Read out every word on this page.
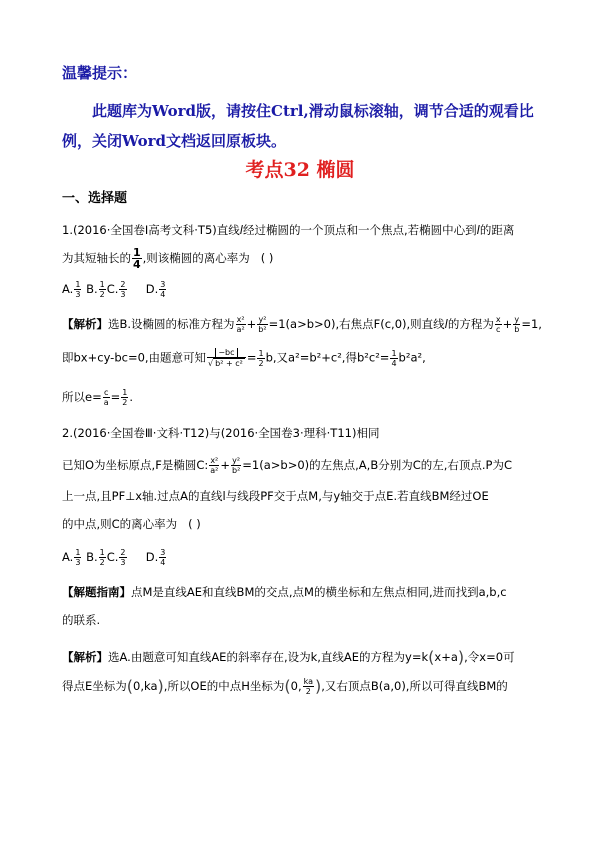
温馨提示：
此题库为Word版，请按住Ctrl,滑动鼠标滚轴，调节合适的观看比例，关闭Word文档返回原板块。
考点32 椭圆
一、选择题
1.(2016·全国卷Ⅰ高考文科·T5)直线l经过椭圆的一个顶点和一个焦点,若椭圆中心到l的距离
为其短轴长的 $\frac{1}{4}$ ,则该椭圆的离心率为 ( )
A. $\frac{1}{3} B$. $\frac{1}{2} C$. $\frac{2}{3} D$. $\frac{3}{4}$
【解析】选B.设椭圆的标准方程为 $\frac{\text{x²}}{\text{a²}} + \frac{\text{y²}}{\text{b²}} =1(a>b>0)$,右焦点F(c,0),则直线l的方程为 $\frac{x}{c} + \frac{y}{b} =1$,
即bx+cy-bc=0,由题意可知 $\frac{-bc}{\text{√ b² + c²}} = \frac{1}{2} b$,又a²=b²+c²,得$b^2c^2= \frac{1}{4} b^2a^2$,
所以$e= \frac{c}{a} = \frac{1}{2}$ .
2.(2016·全国卷Ⅲ·文科·T12)与(2016·全国卷3·理科·T11)相同
已知O为坐标原点,F是椭圆C: $\frac{\text{x²}}{\text{a²}} + \frac{\text{y²}}{\text{b²}} =1(a>b>0)$的左焦点,A,B分别为C的左,右顶点.P为C
上一点,且PF⊥x轴.过点A的直线l与线段PF交于点M,与y轴交于点E.若直线BM经过OE
的中点,则C的离心率为 ( )
A. $\frac{1}{3} B$. $\frac{1}{2} C$. $\frac{2}{3} D$. $\frac{3}{4}$
【解题指南】点M是直线AE和直线BM的交点,点M的横坐标和左焦点相同,进而找到a,b,c
的联系.
【解析】选A.由题意可知直线AE的斜率存在,设为k,直线AE的方程为y=k(x+a),令x=0可
得点E坐标为(0,ka),所以OE的中点H坐标为(0, $\frac{ka}{2}$ ),又右顶点B(a,0),所以可得直线BM的
